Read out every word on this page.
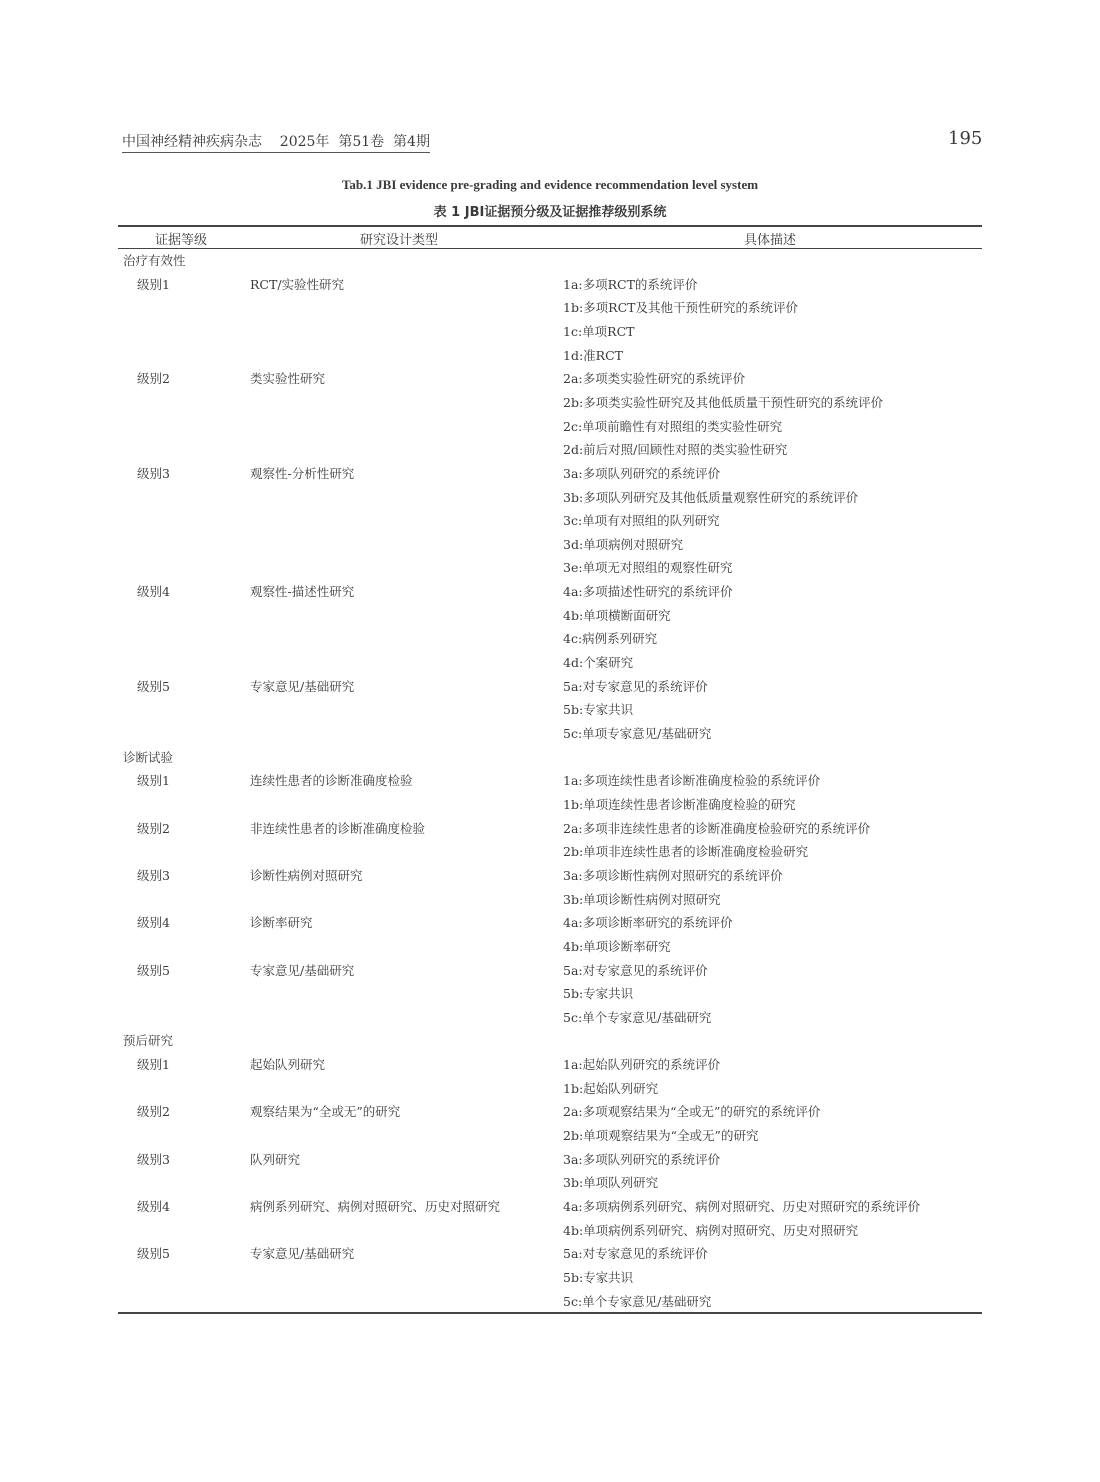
中国神经精神疾病杂志    2025年  第51卷  第4期	195
Tab.1 JBI evidence pre-grading and evidence recommendation level system
表 1 JBI证据预分级及证据推荐级别系统
证据等级	研究设计类型	具体描述
治疗有效性
级别1	RCT/实验性研究	1a:多项RCT的系统评价
1b:多项RCT及其他干预性研究的系统评价
1c:单项RCT
1d:准RCT
级别2	类实验性研究	2a:多项类实验性研究的系统评价
2b:多项类实验性研究及其他低质量干预性研究的系统评价
2c:单项前瞻性有对照组的类实验性研究
2d:前后对照/回顾性对照的类实验性研究
级别3	观察性-分析性研究	3a:多项队列研究的系统评价
3b:多项队列研究及其他低质量观察性研究的系统评价
3c:单项有对照组的队列研究
3d:单项病例对照研究
3e:单项无对照组的观察性研究
级别4	观察性-描述性研究	4a:多项描述性研究的系统评价
4b:单项横断面研究
4c:病例系列研究
4d:个案研究
级别5	专家意见/基础研究	5a:对专家意见的系统评价
5b:专家共识
5c:单项专家意见/基础研究
诊断试验
级别1	连续性患者的诊断准确度检验	1a:多项连续性患者诊断准确度检验的系统评价
1b:单项连续性患者诊断准确度检验的研究
级别2	非连续性患者的诊断准确度检验	2a:多项非连续性患者的诊断准确度检验研究的系统评价
2b:单项非连续性患者的诊断准确度检验研究
级别3	诊断性病例对照研究	3a:多项诊断性病例对照研究的系统评价
3b:单项诊断性病例对照研究
级别4	诊断率研究	4a:多项诊断率研究的系统评价
4b:单项诊断率研究
级别5	专家意见/基础研究	5a:对专家意见的系统评价
5b:专家共识
5c:单个专家意见/基础研究
预后研究
级别1	起始队列研究	1a:起始队列研究的系统评价
1b:起始队列研究
级别2	观察结果为“全或无”的研究	2a:多项观察结果为“全或无”的研究的系统评价
2b:单项观察结果为“全或无”的研究
级别3	队列研究	3a:多项队列研究的系统评价
3b:单项队列研究
级别4	病例系列研究、病例对照研究、历史对照研究	4a:多项病例系列研究、病例对照研究、历史对照研究的系统评价
4b:单项病例系列研究、病例对照研究、历史对照研究
级别5	专家意见/基础研究	5a:对专家意见的系统评价
5b:专家共识
5c:单个专家意见/基础研究
